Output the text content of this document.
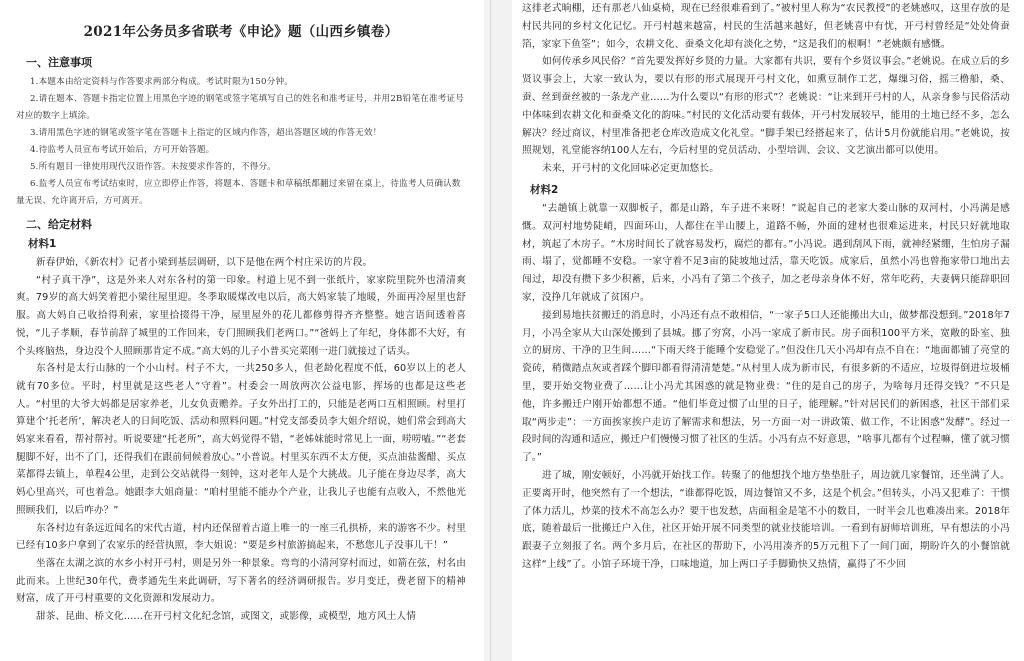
2021年公务员多省联考《申论》题（山西乡镇卷）
一、注意事项

1.本题本由给定资料与作答要求两部分构成。考试时限为150分钟。

2.请在题本、答题卡指定位置上用黑色字迹的钢笔或签字笔填写自己的姓名和准考证号，并用2B铅笔在准考证号对应的数字上填涂。

3.请用黑色字迹的钢笔或签字笔在答题卡上指定的区域内作答，超出答题区域的作答无效！

4.待监考人员宣布考试开始后，方可开始答题。

5.所有题目一律使用现代汉语作答。未按要求作答的，不得分。

6.监考人员宣布考试结束时，应立即停止作答，将题本、答题卡和草稿纸都翻过来留在桌上，待监考人员确认数量无误、允许离开后，方可离开。

二、给定材料
材料1

新春伊始，《新农村》记者小梁到基层调研，以下是他在两个村庄采访的片段。

“村子真干净”，这是外来人对东各村的第一印象。村道上见不到一张纸片，家家院里院外也清清爽爽。79岁的高大妈笑着把小梁往屋里迎。冬季取暖煤改电以后，高大妈家装了地暖，外面再冷屋里也舒服。高大妈自己收拾得利索，家里拾掇得干净，屋里屋外的花儿都修剪得齐齐整整。她言语间透着喜悦，“儿子孝顺，春节前辞了城里的工作回来，专门照顾我们老两口。”“爸妈上了年纪，身体都不大好，有个头疼脑热，身边没个人照顾那肯定不成。”高大妈的儿子小普买完菜刚一进门就接过了话头。

东各村是太行山脉的一个小山村。村子不大，一共250多人，但老龄化程度不低，60岁以上的老人就有70多位。平时，村里就是这些老人“守着”。村委会一周放两次公益电影，挥场的也都是这些老人。“村里的大爷大妈都是居家养老，儿女负责赡养。子女外出打工的，只能是老两口互相照顾。村里打算建个‘托老所’，解决老人的日间吃饭、活动和照料问题。”村党支部委员李大姐介绍说，她们常会到高大妈家来看看，帮衬帮衬。听说要建“托老所”，高大妈觉得不错，“老姊妹能时常见上一面，唠唠嗑。”“老套腿脚不好，出不了门，还得我们在跟前伺候着放心。”小普说。村里买东西不太方便，买点油盐酱醋、买点菜都得去镇上，单程4公里，走到公交站就得一刻钟，这对老年人是个大挑战。儿子能在身边尽孝，高大妈心里高兴，可也着急。她跟李大姐商量：“咱村里能不能办个产业，让我儿子也能有点收入，不然他光照顾我们，以后咋办？”

东各村边有条远近闻名的宋代古道，村内还保留着古道上唯一的一座三孔拱桥，来的游客不少。村里已经有10多户拿到了农家乐的经营执照，李大姐说：“要是乡村旅游搞起来，不愁您儿子没事儿干！”

坐落在太湖之滨的水乡小村开弓村，则是另外一种景象。弯弯的小清河穿村而过，如箭在弦，村名由此而来。上世纪30年代，费孝通先生来此调研，写下著名的经济调研报告。岁月变迁，费老留下的精神财富，成了开弓村重要的文化资源和发展动力。

甜茶、昆曲、桥文化……在开弓村文化纪念馆，或图文，或影像，或模型，地方风土人情

这排老式晌棚，还有那老八仙桌椅，现在已经很难看到了。”被村里人称为“农民教授”的老姚感叹，这里存放的是村民共同的乡村文化记忆。开弓村越来越富，村民的生活越来越好，但老姚喜中有忧，开弓村曾经是“处处倚蚕箔，家家下鱼筌”；如今，农耕文化、蚕桑文化却有淡化之势，“这是我们的根啊！”老姚颇有感慨。

如何传承乡风民俗？“首先要发挥好乡贤的力量。大家都有共识，要有个乡贤议事会。”老姚说。在成立后的乡贤议事会上，大家一致认为，要以有形的形式展现开弓村文化，如熏豆制作工艺，爆缫习俗，摇三橹船，桑、蚕、丝到蚕丝被的一条龙产业……为什么要以“有形的形式”？老姚说：“让来到开弓村的人，从亲身参与民俗活动中体味到农耕文化和蚕桑文化的韵味。”村民的文化活动要有载体，开弓村发展较早，能用的土地已经不多，怎么解决？经过商议，村里准备把老仓库改造成文化礼堂。“脚手架已经搭起来了，估计5月份就能启用。”老姚说，按照规划，礼堂能容纳100人左右，今后村里的党员活动、小型培训、会议、文艺演出都可以使用。

未来，开弓村的文化回味必定更加悠长。

材料2

“去趟镇上就靠一双脚板子，都是山路，车子进不来呀！”说起自己的老家大娄山脉的双河村，小冯满是感慨。双河村地势陡峭，四面环山，人都住在半山腰上，道路不畅，外面的建材也很难运进来，村民只好就地取材，筑起了木房子。“木房时间长了就容易发朽，腐烂的都有。”小冯说。遇到刮风下雨，就神经紧绷，生怕房子漏雨、塌了，觉都睡不安稳。一家守着不足3亩的陡坡地过活，靠天吃饭。成家后，虽然小冯也曾拖家带口地出去闯过，却没有攒下多少积蓄，后来，小冯有了第二个孩子，加之老母亲身体不好，常年吃药，夫妻俩只能辞职回家，没挣几年就成了贫困户。

接到易地扶贫搬迁的消息时，小冯还有点不敢相信，“一家子5口人还能搬出大山，做梦都没想到。”2018年7月，小冯全家从大山深处搬到了县城。挪了穷窝，小冯一家成了新市民。房子面积100平方米，宽敞的卧室、独立的厨房、干净的卫生间……“下雨天终于能睡个安稳觉了。”但没住几天小冯却有点不自在：“地面都铺了亮堂的瓷砖，稍微踏点灰或者踩个脚印都看得清清楚楚。”从村里人成为新市民，有很多新的不适应，垃圾得倒进垃圾桶里，要开始交物业费了……让小冯尤其困惑的就是物业费：“住的是自己的房子，为啥每月还得交钱？”不只是他，许多搬迁户刚开始都想不通。“他们毕竟过惯了山里的日子，能理解。”针对居民们的新困惑，社区干部们采取“两步走”：一方面挨家挨户走访了解需求和想法，另一方面一对一讲政策、做工作，不让困惑“发酵”。经过一段时间的沟通和适应，搬迁户们慢慢习惯了社区的生活。小冯有点不好意思，“啥事儿都有个过程嘛，懂了就习惯了。”

进了城，刚安顿好，小冯就开始找工作。转聚了的他想找个地方垫垫肚子，周边就几家餐馆，还坐满了人。正要离开时，他突然有了一个想法，“谁都得吃饭，周边餐馆又不多，这是个机会。”但转头，小冯又犯难了：干惯了体力活儿，炒菜的技术不高怎么办？要干也发愁，店面租金是笔不小的数目，一时半会儿也难凑出来。2018年底，随着最后一批搬迁户入住，社区开始开展不同类型的就业技能培训。一看到有厨师培训班，早有想法的小冯跟妻子立刻报了名。两个多月后，在社区的帮助下，小冯用凑齐的5万元租下了一间门面，期盼许久的小餐馆就这样“上线”了。小馆子环境干净，口味地道，加上两口子手脚勤快又热情，赢得了不少回
